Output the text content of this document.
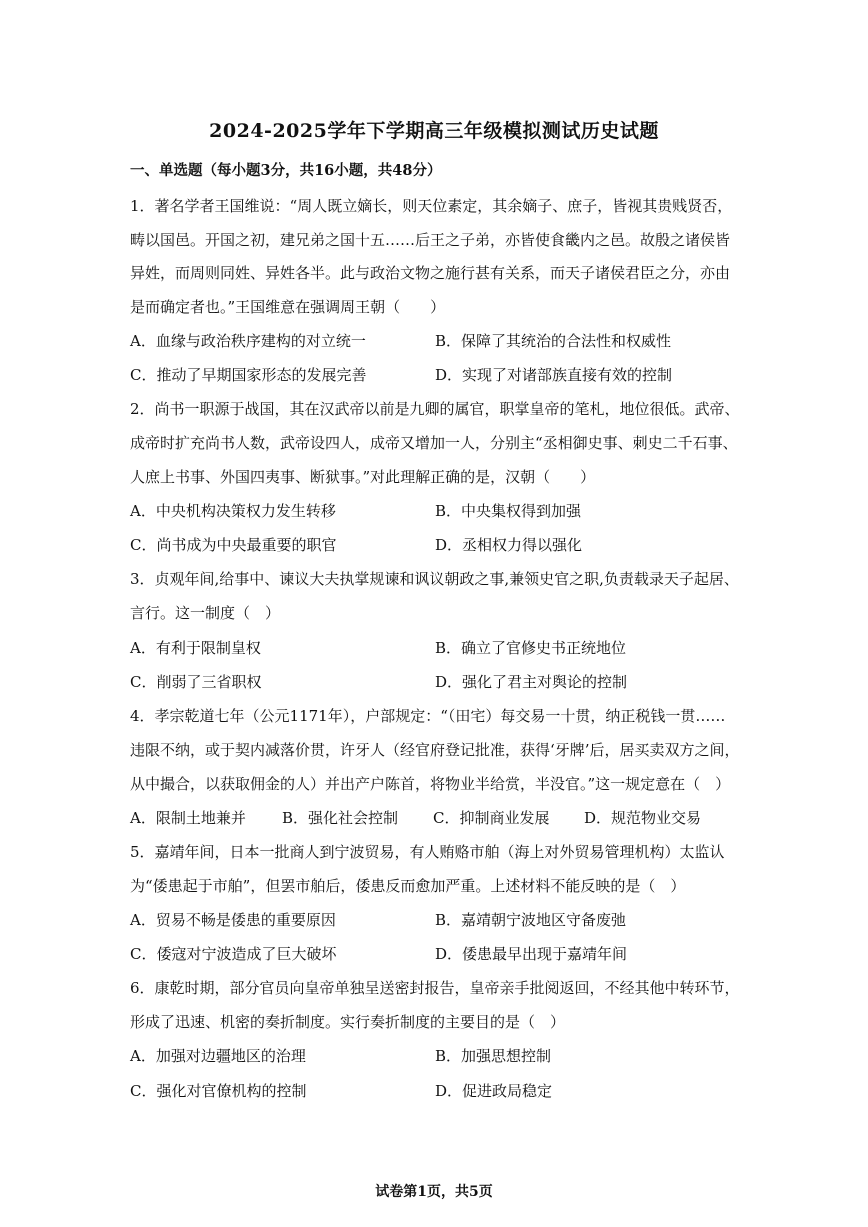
2024-2025学年下学期高三年级模拟测试历史试题
一、单选题（每小题3分，共16小题，共48分）
1．著名学者王国维说：“周人既立嫡长，则天位素定，其余嫡子、庶子，皆视其贵贱贤否，
畴以国邑。开国之初，建兄弟之国十五……后王之子弟，亦皆使食畿内之邑。故殷之诸侯皆
异姓，而周则同姓、异姓各半。此与政治文物之施行甚有关系，而天子诸侯君臣之分，亦由
是而确定者也。”王国维意在强调周王朝（　　）
A．血缘与政治秩序建构的对立统一	B．保障了其统治的合法性和权威性
C．推动了早期国家形态的发展完善	D．实现了对诸部族直接有效的控制
2．尚书一职源于战国，其在汉武帝以前是九卿的属官，职掌皇帝的笔札，地位很低。武帝、
成帝时扩充尚书人数，武帝设四人，成帝又增加一人，分别主“丞相御史事、刺史二千石事、
人庶上书事、外国四夷事、断狱事。”对此理解正确的是，汉朝（　　）
A．中央机构决策权力发生转移	B．中央集权得到加强
C．尚书成为中央最重要的职官	D．丞相权力得以强化
3．贞观年间,给事中、谏议大夫执掌规谏和讽议朝政之事,兼领史官之职,负责载录天子起居、
言行。这一制度（　）
A．有利于限制皇权	B．确立了官修史书正统地位
C．削弱了三省职权	D．强化了君主对舆论的控制
4．孝宗乾道七年（公元1171年），户部规定：“（田宅）每交易一十贯，纳正税钱一贯……
违限不纳，或于契内减落价贯，许牙人（经官府登记批准，获得‘牙牌’后，居买卖双方之间，
从中撮合，以获取佣金的人）并出产户陈首，将物业半给赏，半没官。”这一规定意在（　）
A．限制土地兼并 B．强化社会控制 C．抑制商业发展 D．规范物业交易
5．嘉靖年间，日本一批商人到宁波贸易，有人贿赂市舶（海上对外贸易管理机构）太监认
为“倭患起于市舶”，但罢市舶后，倭患反而愈加严重。上述材料不能反映的是（　）
A．贸易不畅是倭患的重要原因	B．嘉靖朝宁波地区守备废弛
C．倭寇对宁波造成了巨大破坏	D．倭患最早出现于嘉靖年间
6．康乾时期，部分官员向皇帝单独呈送密封报告，皇帝亲手批阅返回，不经其他中转环节，
形成了迅速、机密的奏折制度。实行奏折制度的主要目的是（　）
A．加强对边疆地区的治理	B．加强思想控制
C．强化对官僚机构的控制	D．促进政局稳定
试卷第1页，共5页
